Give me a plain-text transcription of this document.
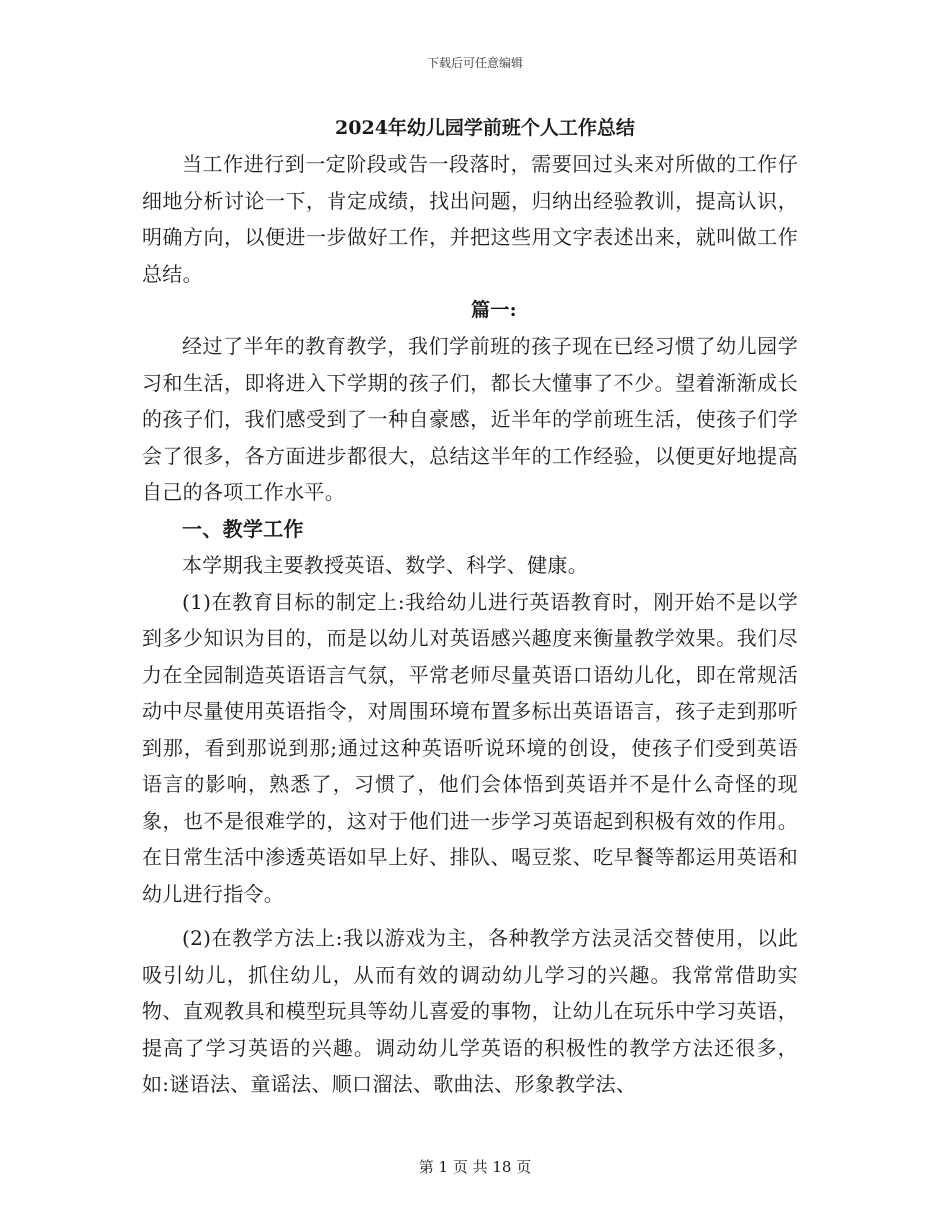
下载后可任意编辑
2024年幼儿园学前班个人工作总结

当工作进行到一定阶段或告一段落时，需要回过头来对所做的工作仔细地分析讨论一下，肯定成绩，找出问题，归纳出经验教训，提高认识，明确方向，以便进一步做好工作，并把这些用文字表述出来，就叫做工作总结。

篇一:

经过了半年的教育教学，我们学前班的孩子现在已经习惯了幼儿园学习和生活，即将进入下学期的孩子们，都长大懂事了不少。望着渐渐成长的孩子们，我们感受到了一种自豪感，近半年的学前班生活，使孩子们学会了很多，各方面进步都很大，总结这半年的工作经验，以便更好地提高自己的各项工作水平。

一、教学工作

本学期我主要教授英语、数学、科学、健康。

(1)在教育目标的制定上:我给幼儿进行英语教育时，刚开始不是以学到多少知识为目的，而是以幼儿对英语感兴趣度来衡量教学效果。我们尽力在全园制造英语语言气氛，平常老师尽量英语口语幼儿化，即在常规活动中尽量使用英语指令，对周围环境布置多标出英语语言，孩子走到那听到那，看到那说到那;通过这种英语听说环境的创设，使孩子们受到英语语言的影响，熟悉了，习惯了，他们会体悟到英语并不是什么奇怪的现象，也不是很难学的，这对于他们进一步学习英语起到积极有效的作用。在日常生活中渗透英语如早上好、排队、喝豆浆、吃早餐等都运用英语和幼儿进行指令。

(2)在教学方法上:我以游戏为主，各种教学方法灵活交替使用，以此吸引幼儿，抓住幼儿，从而有效的调动幼儿学习的兴趣。我常常借助实物、直观教具和模型玩具等幼儿喜爱的事物，让幼儿在玩乐中学习英语，提高了学习英语的兴趣。调动幼儿学英语的积极性的教学方法还很多，如:谜语法、童谣法、顺口溜法、歌曲法、形象教学法、

第 1 页 共 18 页
